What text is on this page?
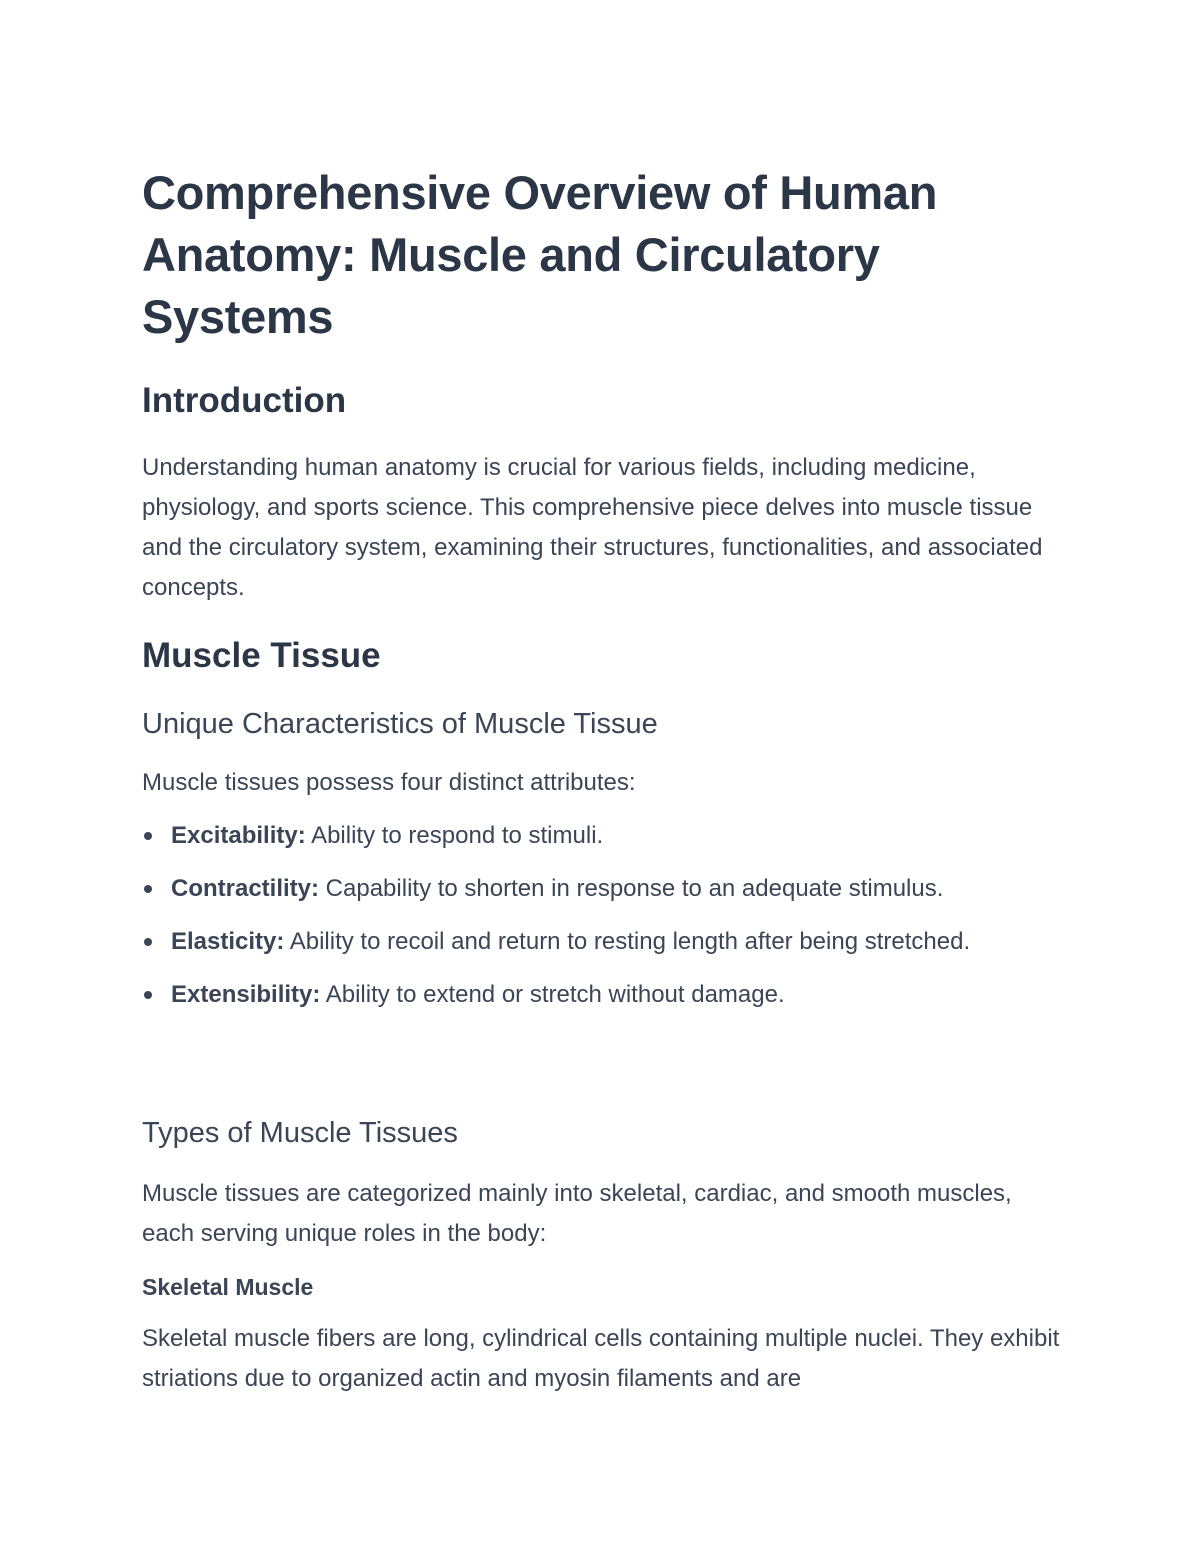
Comprehensive Overview of Human Anatomy: Muscle and Circulatory Systems
Introduction

Understanding human anatomy is crucial for various fields, including medicine, physiology, and sports science. This comprehensive piece delves into muscle tissue and the circulatory system, examining their structures, functionalities, and associated concepts.

Muscle Tissue
Unique Characteristics of Muscle Tissue

Muscle tissues possess four distinct attributes:

Excitability: Ability to respond to stimuli.
Contractility: Capability to shorten in response to an adequate stimulus.
Elasticity: Ability to recoil and return to resting length after being stretched.
Extensibility: Ability to extend or stretch without damage.
Types of Muscle Tissues

Muscle tissues are categorized mainly into skeletal, cardiac, and smooth muscles, each serving unique roles in the body:

Skeletal Muscle

Skeletal muscle fibers are long, cylindrical cells containing multiple nuclei. They exhibit striations due to organized actin and myosin filaments and are
